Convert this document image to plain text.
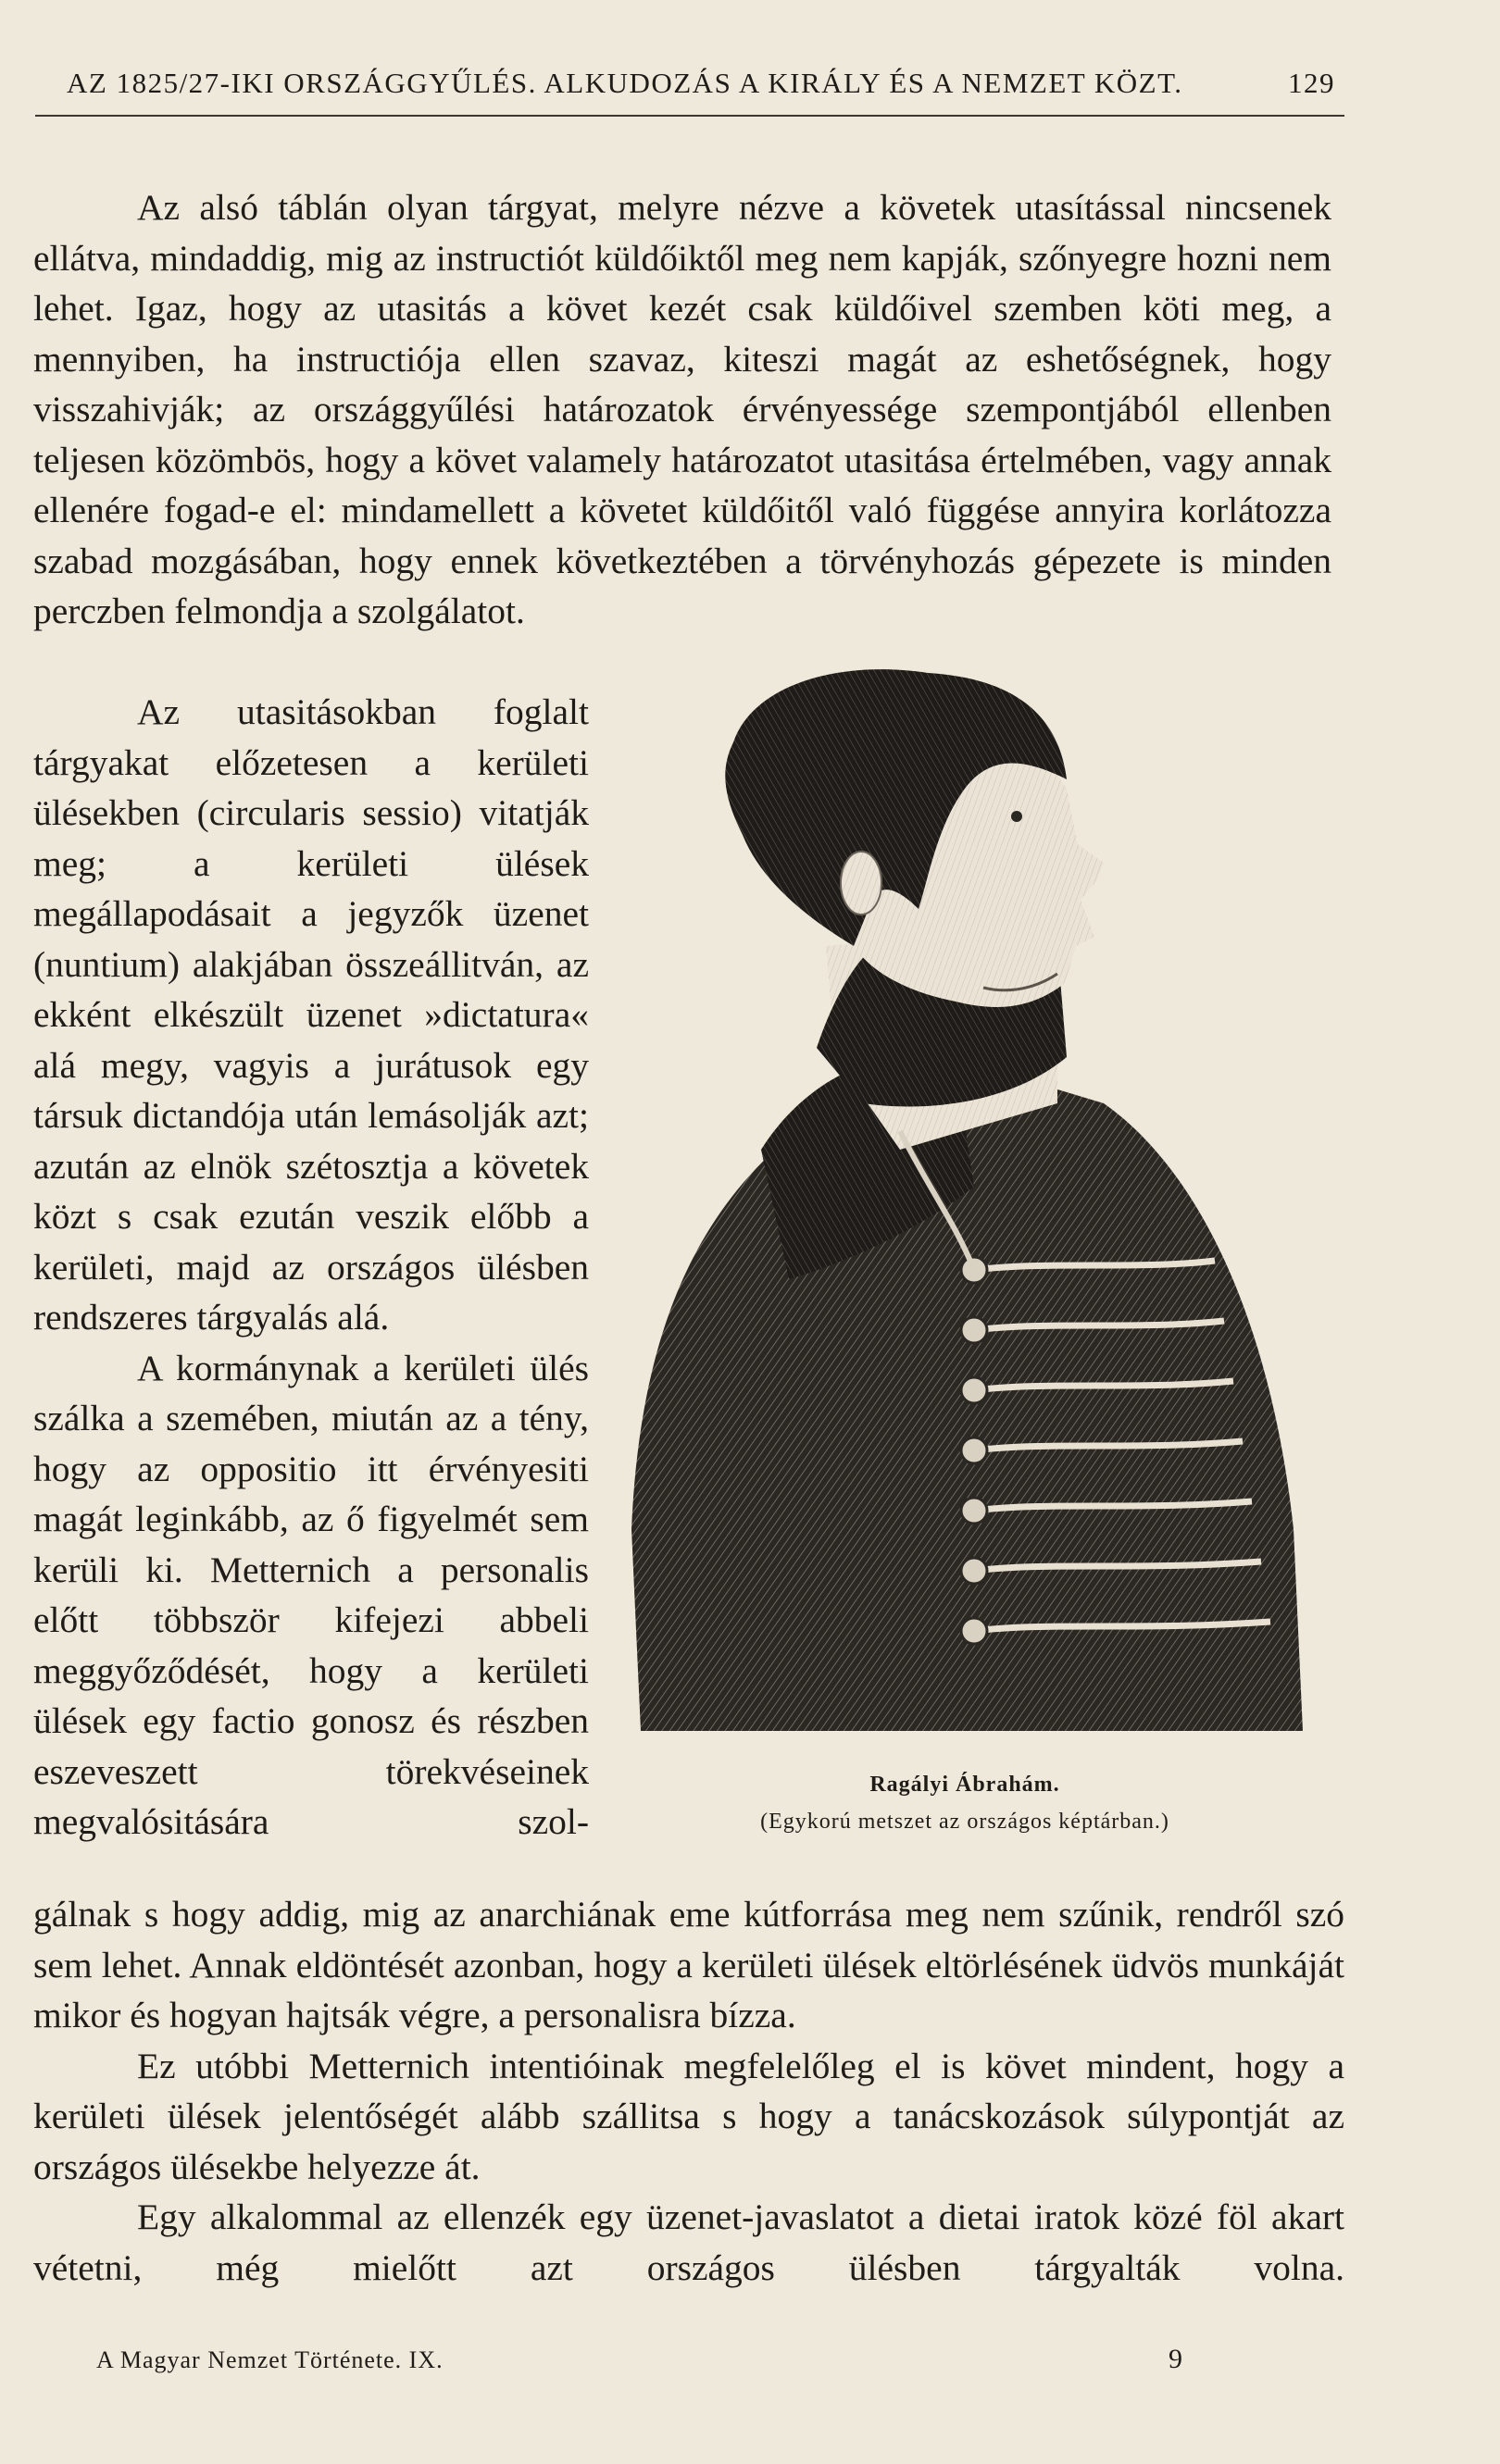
AZ 1825/27-IKI ORSZÁGGYŰLÉS. ALKUDOZÁS A KIRÁLY ÉS A NEMZET KÖZT.	129

Az alsó táblán olyan tárgyat, melyre nézve a követek utasítással nincsenek ellátva, mindaddig, mig az instructiót küldőiktől meg nem kapják, szőnyegre hozni nem lehet. Igaz, hogy az utasitás a követ kezét csak küldőivel szemben köti meg, a mennyiben, ha instructiója ellen szavaz, kiteszi magát az eshetőségnek, hogy visszahivják; az országgyűlési határozatok érvényessége szempontjából ellenben teljesen közömbös, hogy a követ valamely határozatot utasitása értelmében, vagy annak ellenére fogad-e el: mindamellett a követet küldőitől való függése annyira korlátozza szabad mozgásában, hogy ennek következtében a törvényhozás gépezete is minden perczben felmondja a szolgálatot.

Az utasitásokban foglalt tárgyakat előzetesen a kerületi ülésekben (circularis sessio) vitatják meg; a kerületi ülések megállapodásait a jegyzők üzenet (nuntium) alakjában összeállitván, az ekként elkészült üzenet »dictatura« alá megy, vagyis a jurátusok egy társuk dictandója után lemásolják azt; azután az elnök szétosztja a követek közt s csak ezután veszik előbb a kerületi, majd az országos ülésben rendszeres tárgyalás alá.

A kormánynak a kerületi ülés szálka a szemében, miután az a tény, hogy az oppositio itt érvényesiti magát leginkább, az ő figyelmét sem kerüli ki. Metternich a personalis előtt többször kifejezi abbeli meggyőződését, hogy a kerületi ülések egy factio gonosz és részben eszeveszett törekvéseinek megvalósitására szol-

Ragályi Ábrahám.
(Egykorú metszet az országos képtárban.)

gálnak s hogy addig, mig az anarchiának eme kútforrása meg nem szűnik, rendről szó sem lehet. Annak eldöntését azonban, hogy a kerületi ülések eltörlésének üdvös munkáját mikor és hogyan hajtsák végre, a personalisra bízza.

Ez utóbbi Metternich intentióinak megfelelőleg el is követ mindent, hogy a kerületi ülések jelentőségét alább szállitsa s hogy a tanácskozások súlypontját az országos ülésekbe helyezze át.

Egy alkalommal az ellenzék egy üzenet-javaslatot a dietai iratok közé föl akart vétetni, még mielőtt azt országos ülésben tárgyalták volna.

A Magyar Nemzet Története. IX.	9
